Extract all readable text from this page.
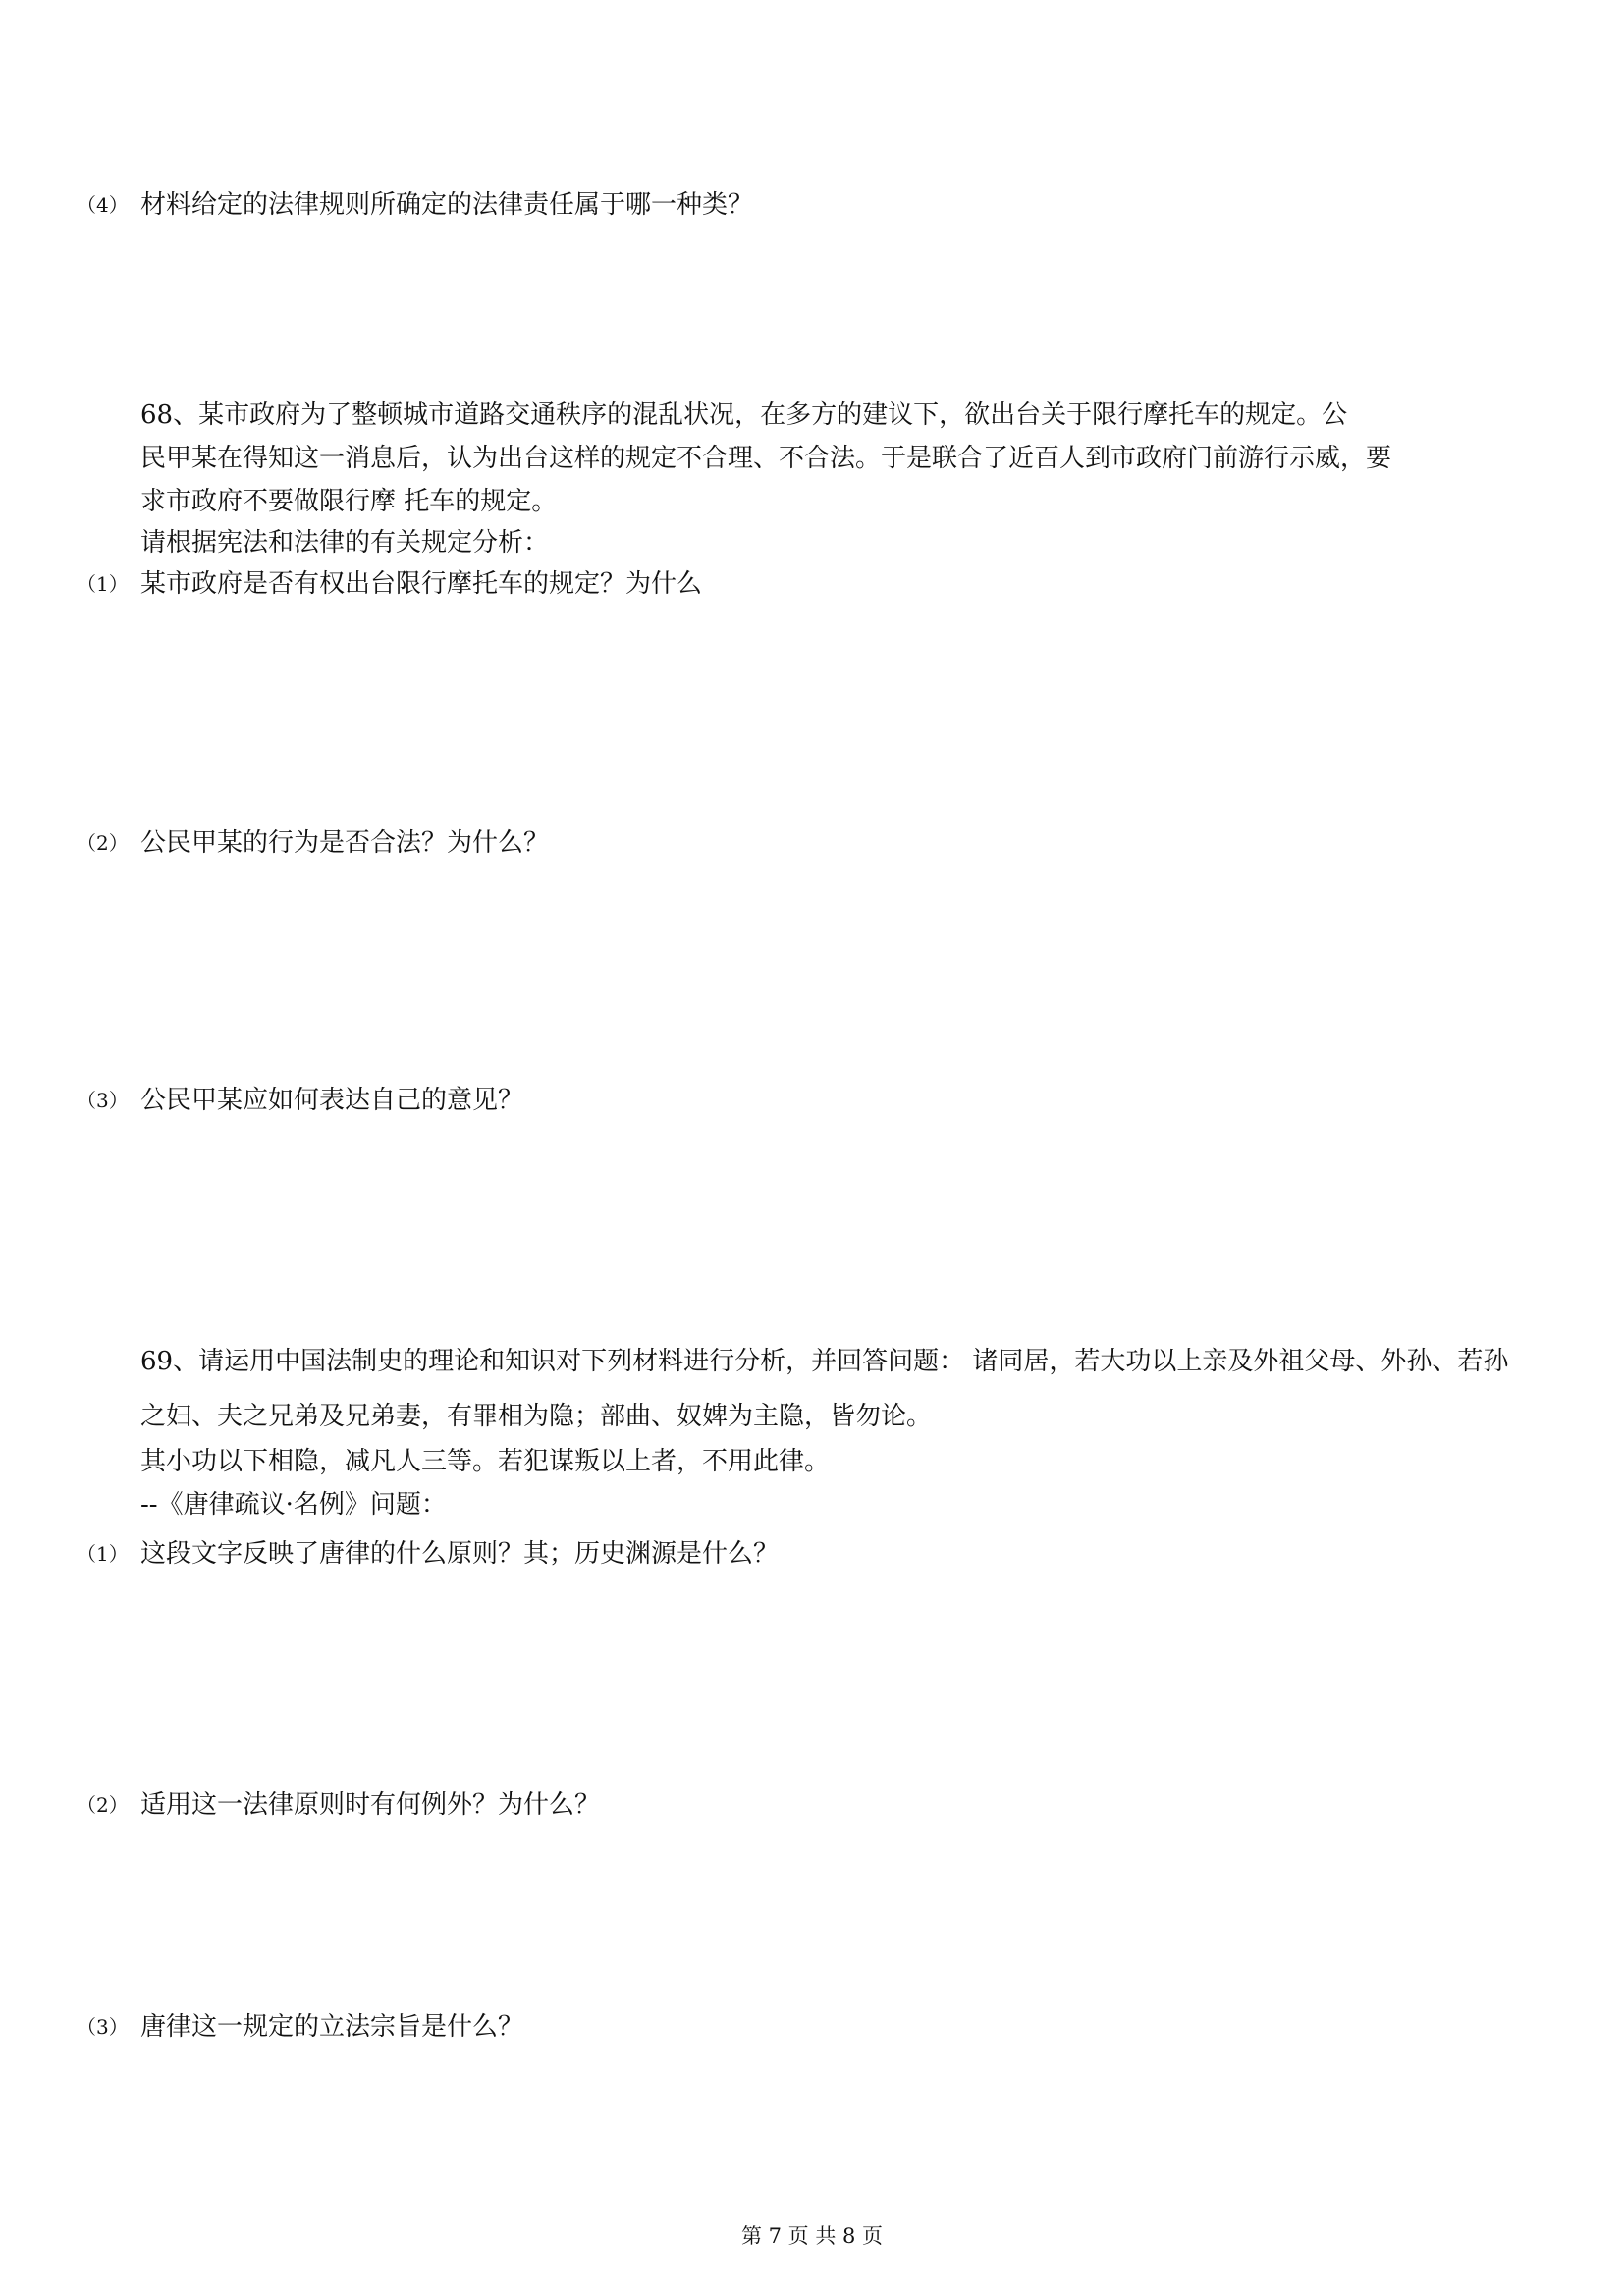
（4） 材料给定的法律规则所确定的法律责任属于哪一种类？
68、某市政府为了整顿城市道路交通秩序的混乱状况，在多方的建议下，欲出台关于限行摩托车的规定。公
民甲某在得知这一消息后，认为出台这样的规定不合理、不合法。于是联合了近百人到市政府门前游行示威，要
求市政府不要做限行摩 托车的规定。
请根据宪法和法律的有关规定分析：
（1） 某市政府是否有权出台限行摩托车的规定？为什么
（2） 公民甲某的行为是否合法？为什么？
（3） 公民甲某应如何表达自己的意见？
69、请运用中国法制史的理论和知识对下列材料进行分析，并回答问题： 诸同居，若大功以上亲及外祖父母、外孙、若孙
之妇、夫之兄弟及兄弟妻，有罪相为隐；部曲、奴婢为主隐，皆勿论。
其小功以下相隐，减凡人三等。若犯谋叛以上者，不用此律。
--《唐律疏议·名例》问题：
（1） 这段文字反映了唐律的什么原则？其；历史渊源是什么？
（2） 适用这一法律原则时有何例外？为什么？
（3） 唐律这一规定的立法宗旨是什么？
第 7 页 共 8 页
